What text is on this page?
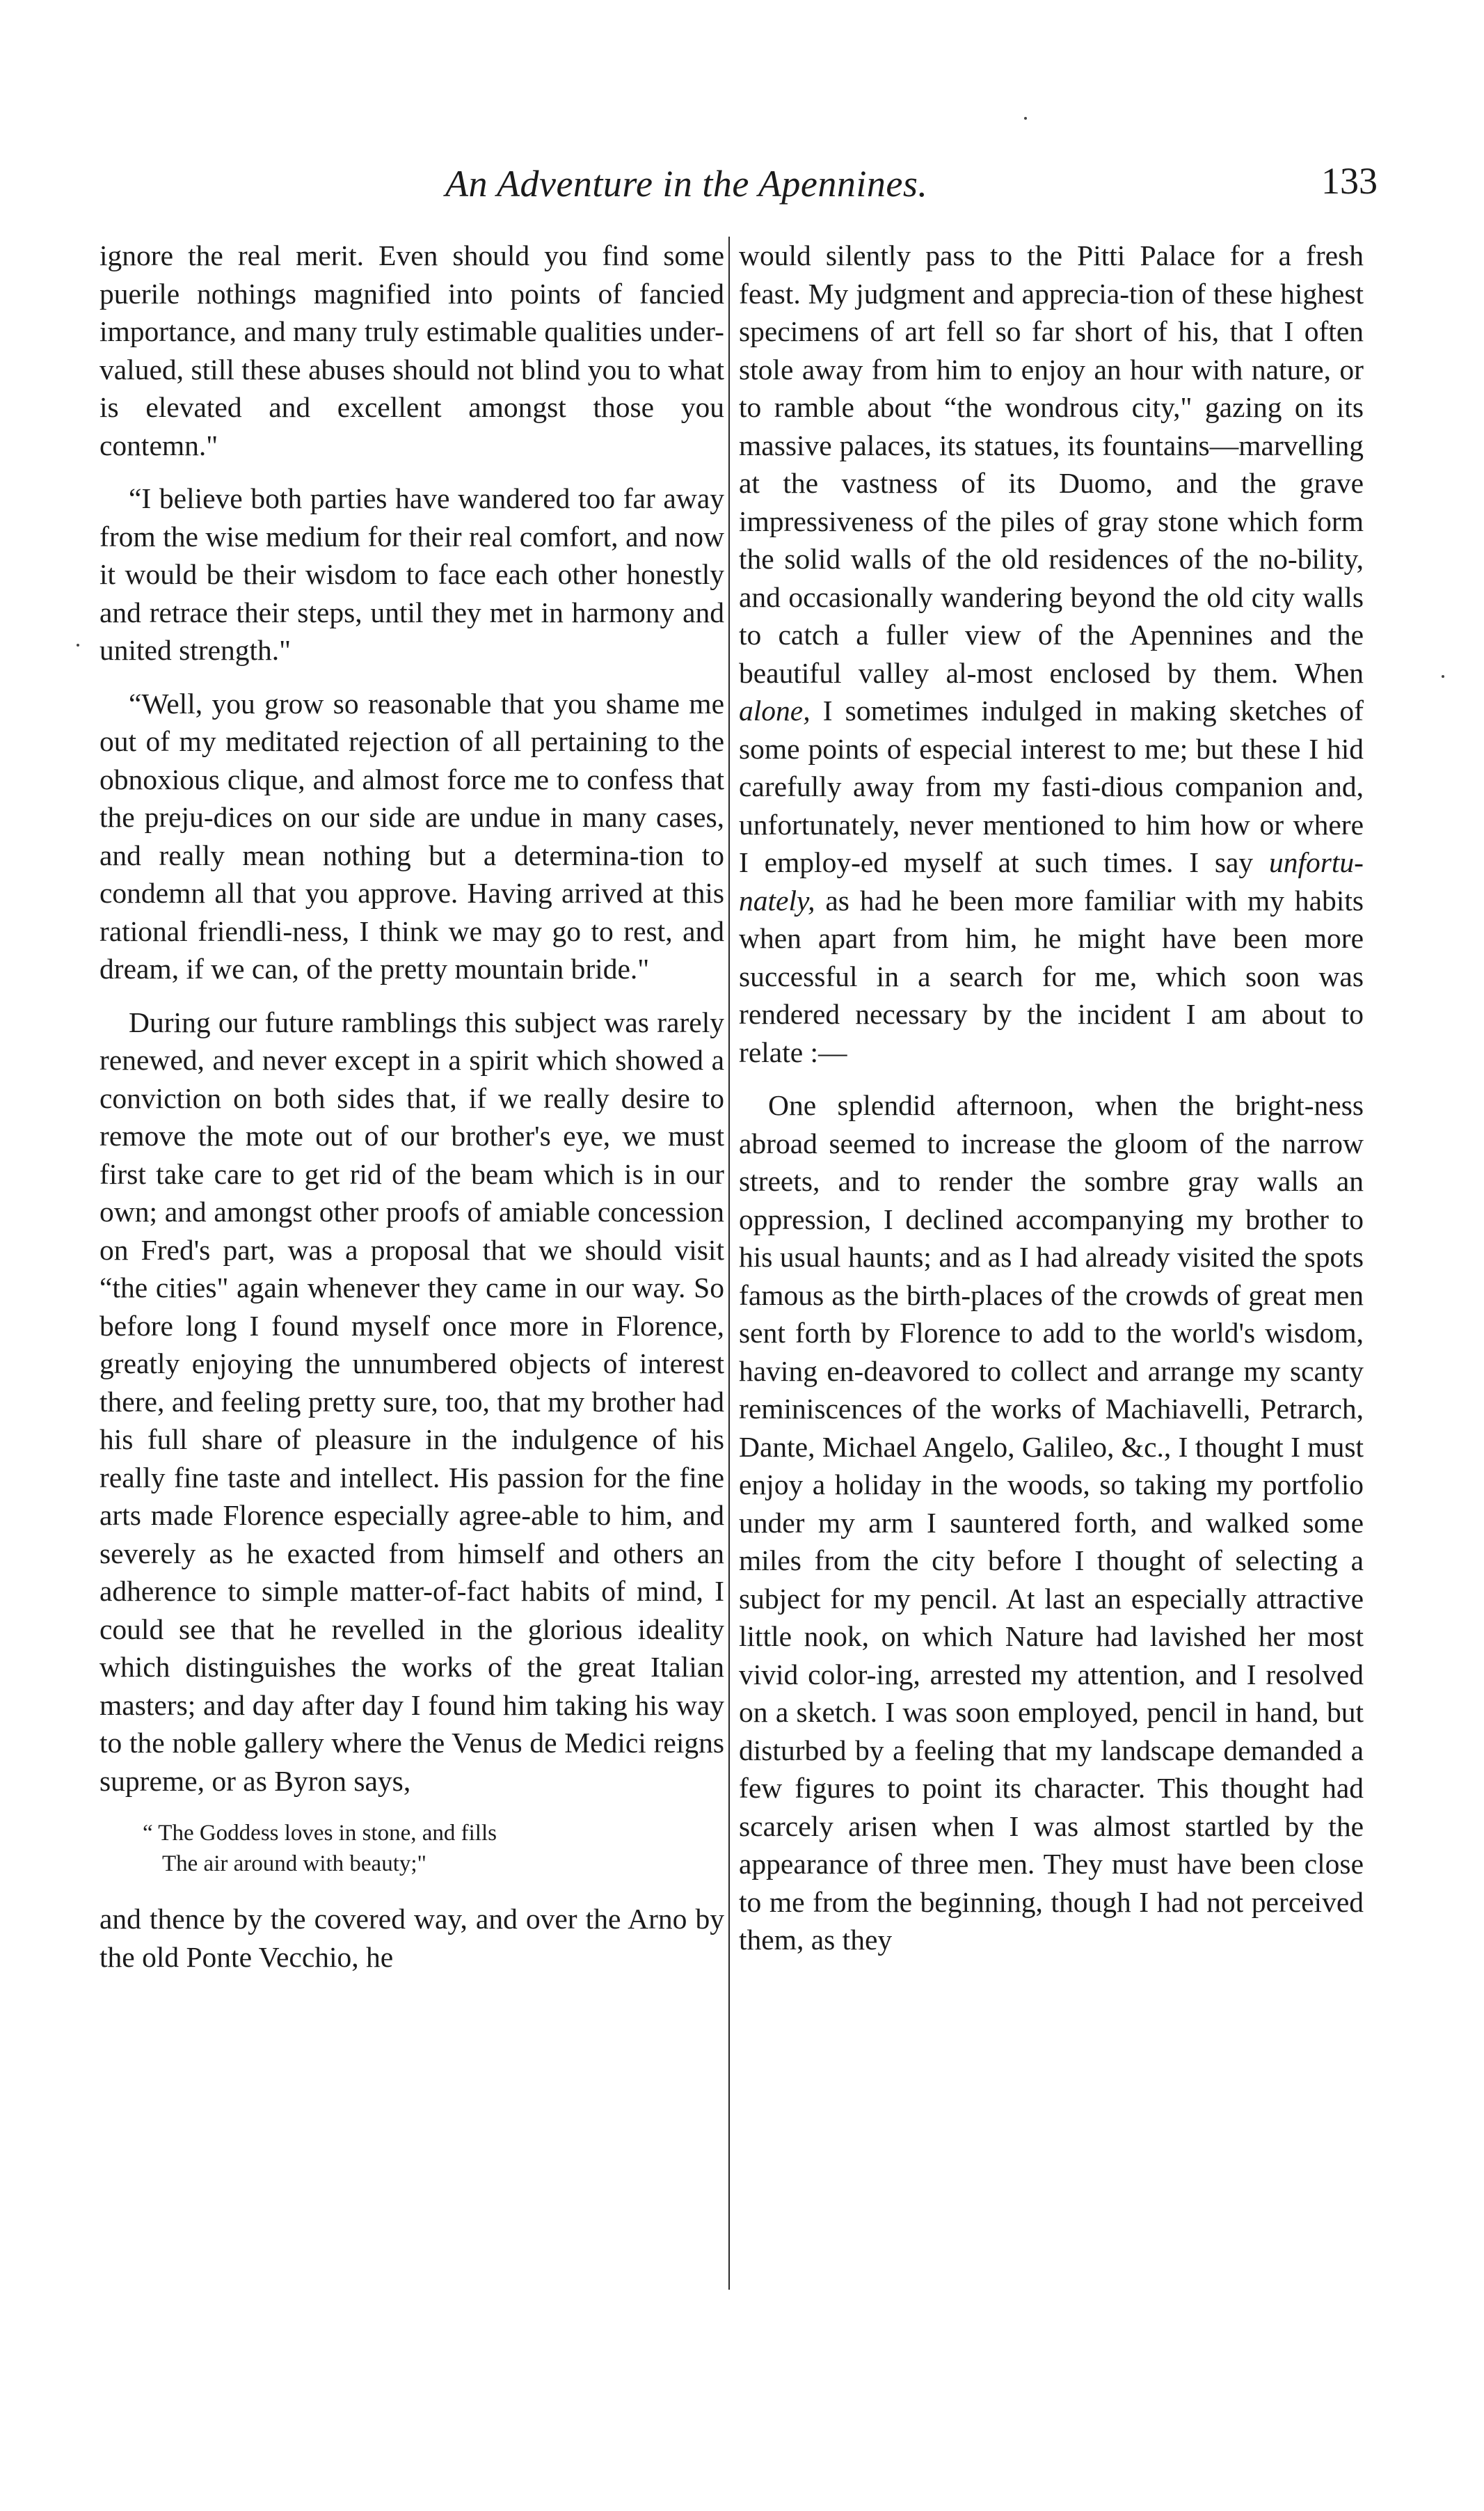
An Adventure in the Apennines.	133

ignore the real merit. Even should you find some puerile nothings magnified into points of fancied importance, and many truly estimable qualities under-valued, still these abuses should not blind you to what is elevated and excellent amongst those you contemn."

“I believe both parties have wandered too far away from the wise medium for their real comfort, and now it would be their wisdom to face each other honestly and retrace their steps, until they met in harmony and united strength."

“Well, you grow so reasonable that you shame me out of my meditated rejection of all pertaining to the obnoxious clique, and almost force me to confess that the preju-dices on our side are undue in many cases, and really mean nothing but a determina-tion to condemn all that you approve. Having arrived at this rational friendli-ness, I think we may go to rest, and dream, if we can, of the pretty mountain bride."

During our future ramblings this subject was rarely renewed, and never except in a spirit which showed a conviction on both sides that, if we really desire to remove the mote out of our brother's eye, we must first take care to get rid of the beam which is in our own; and amongst other proofs of amiable concession on Fred's part, was a proposal that we should visit “the cities" again whenever they came in our way. So before long I found myself once more in Florence, greatly enjoying the unnumbered objects of interest there, and feeling pretty sure, too, that my brother had his full share of pleasure in the indulgence of his really fine taste and intellect. His passion for the fine arts made Florence especially agree-able to him, and severely as he exacted from himself and others an adherence to simple matter-of-fact habits of mind, I could see that he revelled in the glorious ideality which distinguishes the works of the great Italian masters; and day after day I found him taking his way to the noble gallery where the Venus de Medici reigns supreme, or as Byron says,

“ The Goddess loves in stone, and fills
The air around with beauty;"

and thence by the covered way, and over the Arno by the old Ponte Vecchio, he

would silently pass to the Pitti Palace for a fresh feast. My judgment and apprecia-tion of these highest specimens of art fell so far short of his, that I often stole away from him to enjoy an hour with nature, or to ramble about “the wondrous city," gazing on its massive palaces, its statues, its fountains—marvelling at the vastness of its Duomo, and the grave impressiveness of the piles of gray stone which form the solid walls of the old residences of the no-bility, and occasionally wandering beyond the old city walls to catch a fuller view of the Apennines and the beautiful valley al-most enclosed by them. When alone, I sometimes indulged in making sketches of some points of especial interest to me; but these I hid carefully away from my fasti-dious companion and, unfortunately, never mentioned to him how or where I employ-ed myself at such times. I say unfortu-nately, as had he been more familiar with my habits when apart from him, he might have been more successful in a search for me, which soon was rendered necessary by the incident I am about to relate :—

One splendid afternoon, when the bright-ness abroad seemed to increase the gloom of the narrow streets, and to render the sombre gray walls an oppression, I declined accompanying my brother to his usual haunts; and as I had already visited the spots famous as the birth-places of the crowds of great men sent forth by Florence to add to the world's wisdom, having en-deavored to collect and arrange my scanty reminiscences of the works of Machiavelli, Petrarch, Dante, Michael Angelo, Galileo, &c., I thought I must enjoy a holiday in the woods, so taking my portfolio under my arm I sauntered forth, and walked some miles from the city before I thought of selecting a subject for my pencil. At last an especially attractive little nook, on which Nature had lavished her most vivid color-ing, arrested my attention, and I resolved on a sketch. I was soon employed, pencil in hand, but disturbed by a feeling that my landscape demanded a few figures to point its character. This thought had scarcely arisen when I was almost startled by the appearance of three men. They must have been close to me from the beginning, though I had not perceived them, as they
